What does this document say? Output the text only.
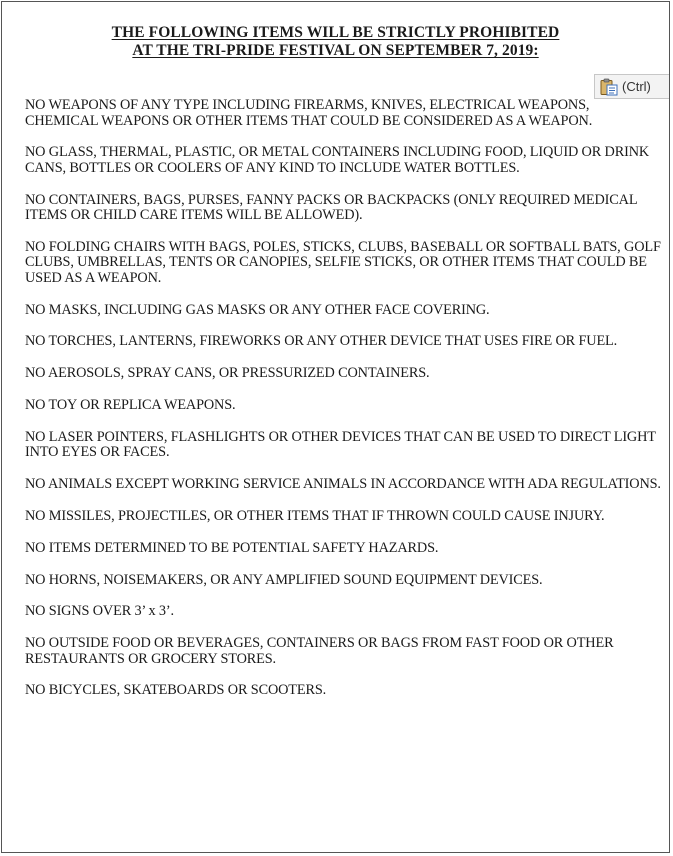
THE FOLLOWING ITEMS WILL BE STRICTLY PROHIBITED
AT THE TRI-PRIDE FESTIVAL ON SEPTEMBER 7, 2019:
(Ctrl)
NO WEAPONS OF ANY TYPE INCLUDING FIREARMS, KNIVES, ELECTRICAL WEAPONS, CHEMICAL WEAPONS OR OTHER ITEMS THAT COULD BE CONSIDERED AS A WEAPON.
NO GLASS, THERMAL, PLASTIC, OR METAL CONTAINERS INCLUDING FOOD, LIQUID OR DRINK CANS, BOTTLES OR COOLERS OF ANY KIND TO INCLUDE WATER BOTTLES.
NO CONTAINERS, BAGS, PURSES, FANNY PACKS OR BACKPACKS (ONLY REQUIRED MEDICAL ITEMS OR CHILD CARE ITEMS WILL BE ALLOWED).
NO FOLDING CHAIRS WITH BAGS, POLES, STICKS, CLUBS, BASEBALL OR SOFTBALL BATS, GOLF CLUBS, UMBRELLAS, TENTS OR CANOPIES, SELFIE STICKS, OR OTHER ITEMS THAT COULD BE USED AS A WEAPON.
NO MASKS, INCLUDING GAS MASKS OR ANY OTHER FACE COVERING.
NO TORCHES, LANTERNS, FIREWORKS OR ANY OTHER DEVICE THAT USES FIRE OR FUEL.
NO AEROSOLS, SPRAY CANS, OR PRESSURIZED CONTAINERS.
NO TOY OR REPLICA WEAPONS.
NO LASER POINTERS, FLASHLIGHTS OR OTHER DEVICES THAT CAN BE USED TO DIRECT LIGHT INTO EYES OR FACES.
NO ANIMALS EXCEPT WORKING SERVICE ANIMALS IN ACCORDANCE WITH ADA REGULATIONS.
NO MISSILES, PROJECTILES, OR OTHER ITEMS THAT IF THROWN COULD CAUSE INJURY.
NO ITEMS DETERMINED TO BE POTENTIAL SAFETY HAZARDS.
NO HORNS, NOISEMAKERS, OR ANY AMPLIFIED SOUND EQUIPMENT DEVICES.
NO SIGNS OVER 3’ x 3’.
NO OUTSIDE FOOD OR BEVERAGES, CONTAINERS OR BAGS FROM FAST FOOD OR OTHER RESTAURANTS OR GROCERY STORES.
NO BICYCLES, SKATEBOARDS OR SCOOTERS.
